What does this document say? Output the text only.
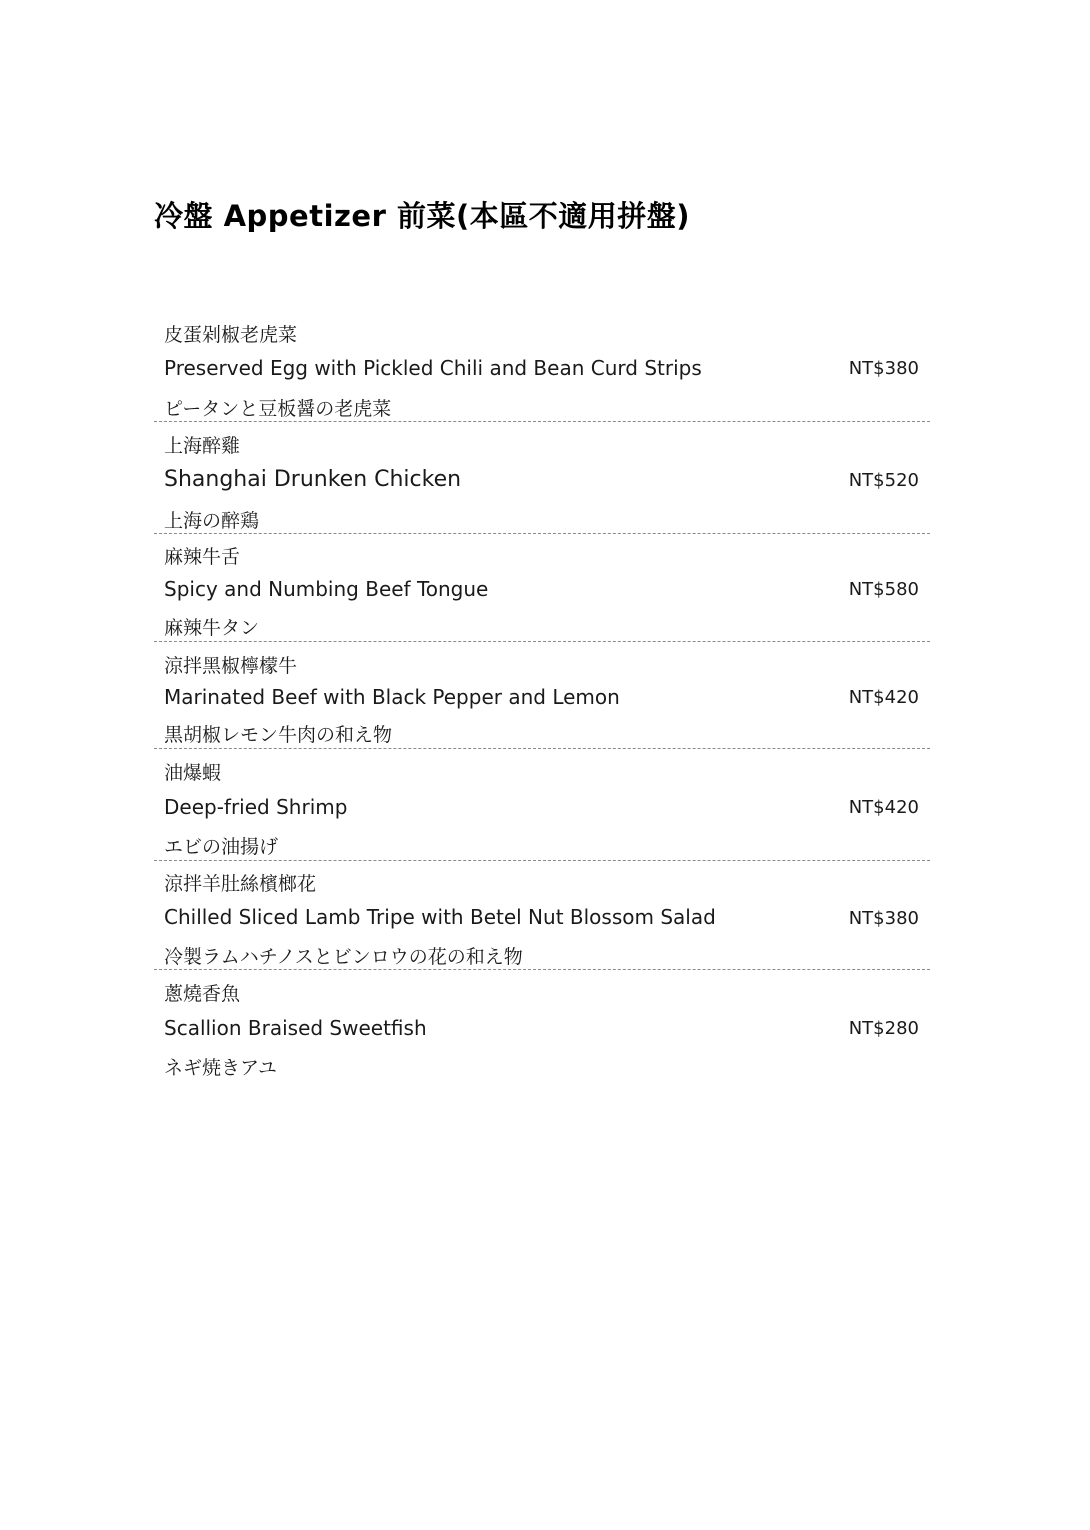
冷盤 Appetizer 前菜(本區不適用拼盤)
皮蛋剁椒老虎菜
Preserved Egg with Pickled Chili and Bean Curd Strips	NT$380
ピータンと豆板醤の老虎菜
上海醉雞
Shanghai Drunken Chicken	NT$520
上海の醉鶏
麻辣牛舌
Spicy and Numbing Beef Tongue	NT$580
麻辣牛タン
涼拌黑椒檸檬牛
Marinated Beef with Black Pepper and Lemon	NT$420
黒胡椒レモン牛肉の和え物
油爆蝦
Deep-fried Shrimp	NT$420
エビの油揚げ
涼拌羊肚絲檳榔花
Chilled Sliced Lamb Tripe with Betel Nut Blossom Salad	NT$380
冷製ラムハチノスとビンロウの花の和え物
蔥燒香魚
Scallion Braised Sweetfish	NT$280
ネギ焼きアユ
